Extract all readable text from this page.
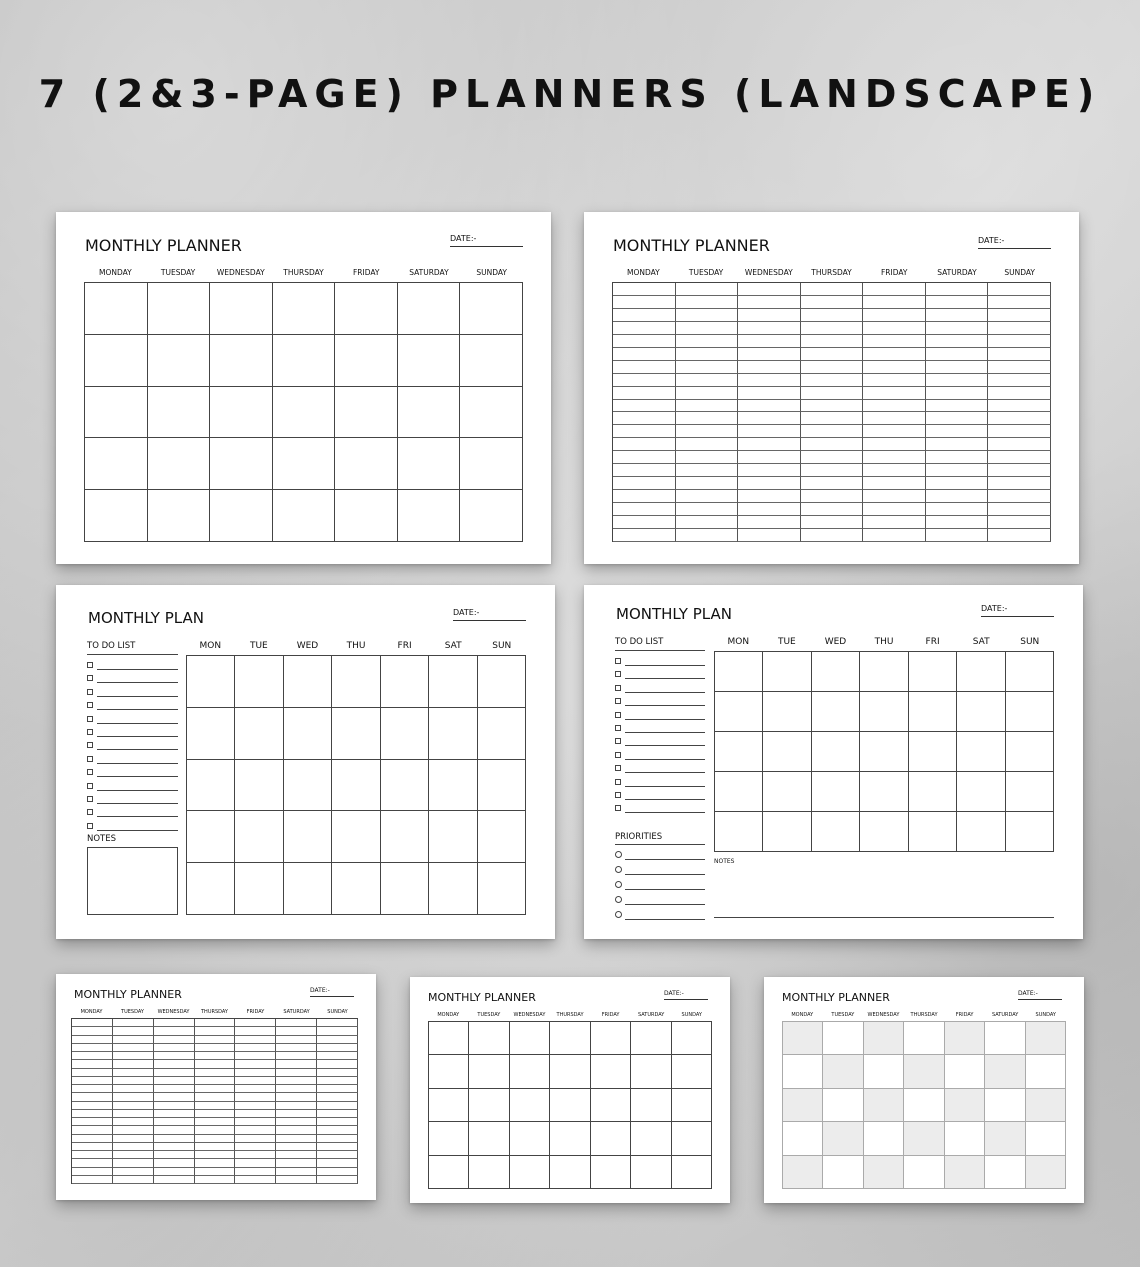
7 (2&3-PAGE) PLANNERS (LANDSCAPE)
MONTHLY PLANNER	DATE:-
MONDAY	TUESDAY	WEDNESDAY	THURSDAY	FRIDAY	SATURDAY	SUNDAY
MONTHLY PLANNER	DATE:-
MONDAY	TUESDAY	WEDNESDAY	THURSDAY	FRIDAY	SATURDAY	SUNDAY
MONTHLY PLAN	DATE:-
TO DO LIST
NOTES
MON	TUE	WED	THU	FRI	SAT	SUN
MONTHLY PLAN	DATE:-
TO DO LIST
PRIORITIES
MON	TUE	WED	THU	FRI	SAT	SUN
NOTES
MONTHLY PLANNER	DATE:-
MONDAY	TUESDAY	WEDNESDAY	THURSDAY	FRIDAY	SATURDAY	SUNDAY
MONTHLY PLANNER	DATE:-
MONDAY	TUESDAY	WEDNESDAY	THURSDAY	FRIDAY	SATURDAY	SUNDAY
MONTHLY PLANNER	DATE:-
MONDAY	TUESDAY	WEDNESDAY	THURSDAY	FRIDAY	SATURDAY	SUNDAY
